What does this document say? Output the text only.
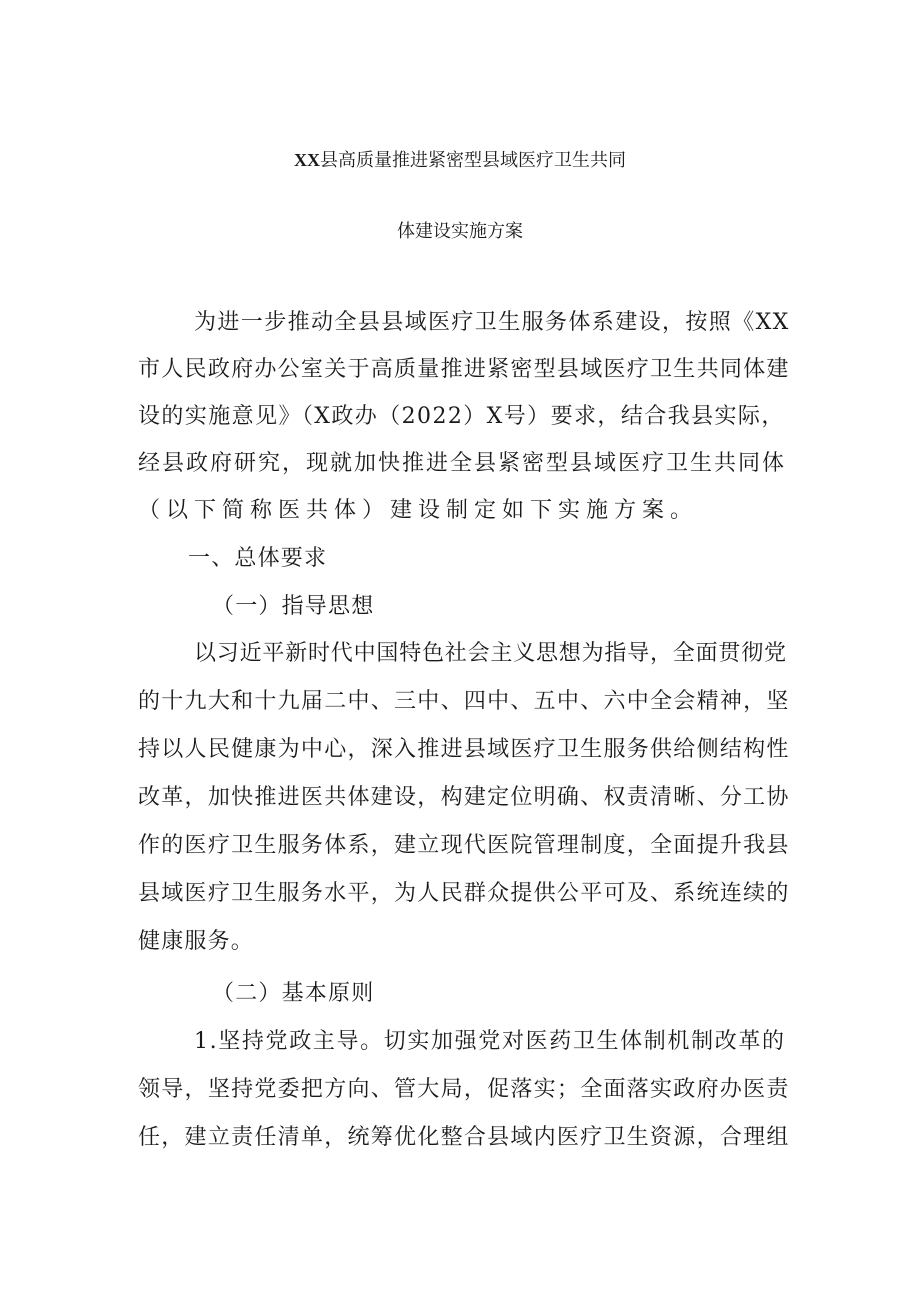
XX县高质量推进紧密型县域医疗卫生共同
体建设实施方案

为进一步推动全县县域医疗卫生服务体系建设，按照《XX

市人民政府办公室关于高质量推进紧密型县域医疗卫生共同体建

设的实施意见》（X政办（2022）X号）要求，结合我县实际，

经县政府研究，现就加快推进全县紧密型县域医疗卫生共同体

（以下简称医共体）建设制定如下实施方案。

一、总体要求

（一）指导思想

以习近平新时代中国特色社会主义思想为指导，全面贯彻党

的十九大和十九届二中、三中、四中、五中、六中全会精神，坚

持以人民健康为中心，深入推进县域医疗卫生服务供给侧结构性

改革，加快推进医共体建设，构建定位明确、权责清晰、分工协

作的医疗卫生服务体系，建立现代医院管理制度，全面提升我县

县域医疗卫生服务水平，为人民群众提供公平可及、系统连续的

健康服务。

（二）基本原则

1.坚持党政主导。切实加强党对医药卫生体制机制改革的

领导，坚持党委把方向、管大局，促落实；全面落实政府办医责

任，建立责任清单，统筹优化整合县域内医疗卫生资源，合理组
